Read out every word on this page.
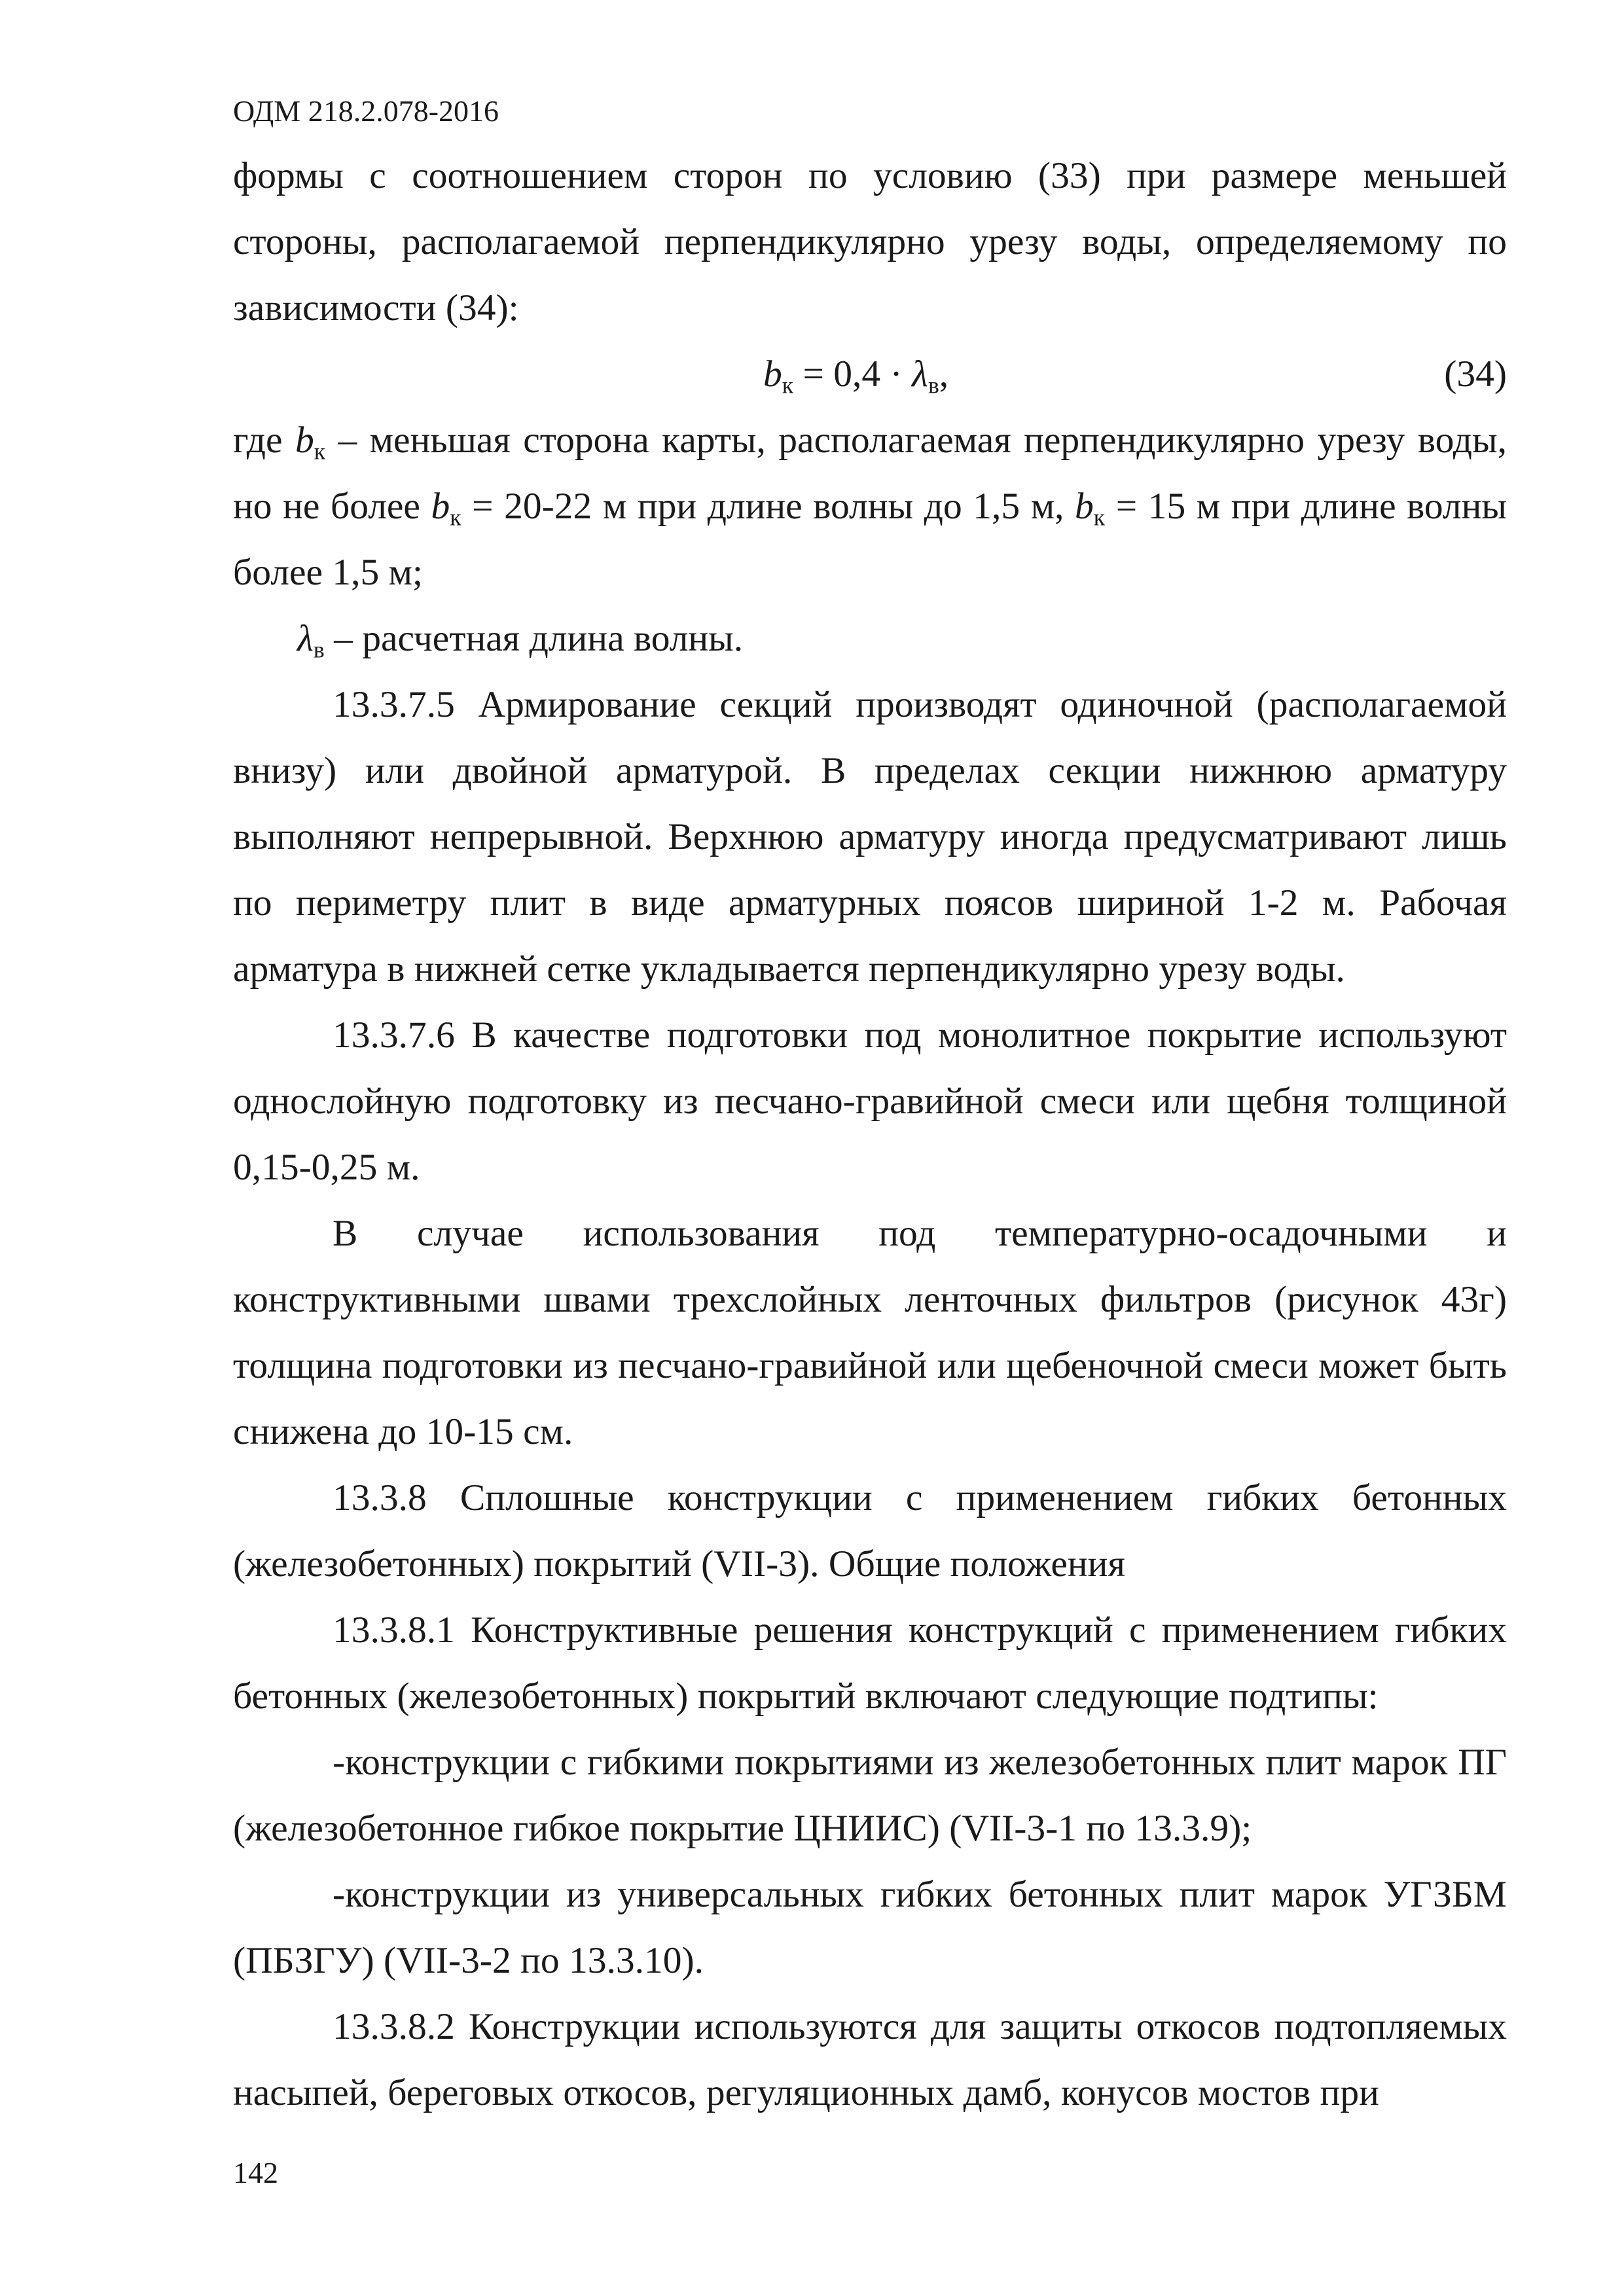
ОДМ 218.2.078-2016

формы с соотношением сторон по условию (33) при размере меньшей стороны, располагаемой перпендикулярно урезу воды, определяемому по зависимости (34):

$b_к = 0,4 \cdot \lambda_в$,	(34)

где $b_к$ – меньшая сторона карты, располагаемая перпендикулярно урезу воды, но не более $b_к = 20-22$ м при длине волны до 1,5 м, $b_к = 15$ м при длине волны более 1,5 м;

$\lambda_в$ – расчетная длина волны.

13.3.7.5 Армирование секций производят одиночной (располагаемой внизу) или двойной арматурой. В пределах секции нижнюю арматуру выполняют непрерывной. Верхнюю арматуру иногда предусматривают лишь по периметру плит в виде арматурных поясов шириной 1-2 м. Рабочая арматура в нижней сетке укладывается перпендикулярно урезу воды.

13.3.7.6 В качестве подготовки под монолитное покрытие используют однослойную подготовку из песчано-гравийной смеси или щебня толщиной 0,15-0,25 м.

В случае использования под температурно-осадочными и конструктивными швами трехслойных ленточных фильтров (рисунок 43г) толщина подготовки из песчано-гравийной или щебеночной смеси может быть снижена до 10-15 см.

13.3.8 Сплошные конструкции с применением гибких бетонных (железобетонных) покрытий (VII-3). Общие положения

13.3.8.1 Конструктивные решения конструкций с применением гибких бетонных (железобетонных) покрытий включают следующие подтипы:

-конструкции с гибкими покрытиями из железобетонных плит марок ПГ (железобетонное гибкое покрытие ЦНИИС) (VII-3-1 по 13.3.9);

-конструкции из универсальных гибких бетонных плит марок УГЗБМ (ПБЗГУ) (VII-3-2 по 13.3.10).

13.3.8.2 Конструкции используются для защиты откосов подтопляемых насыпей, береговых откосов, регуляционных дамб, конусов мостов при

142
